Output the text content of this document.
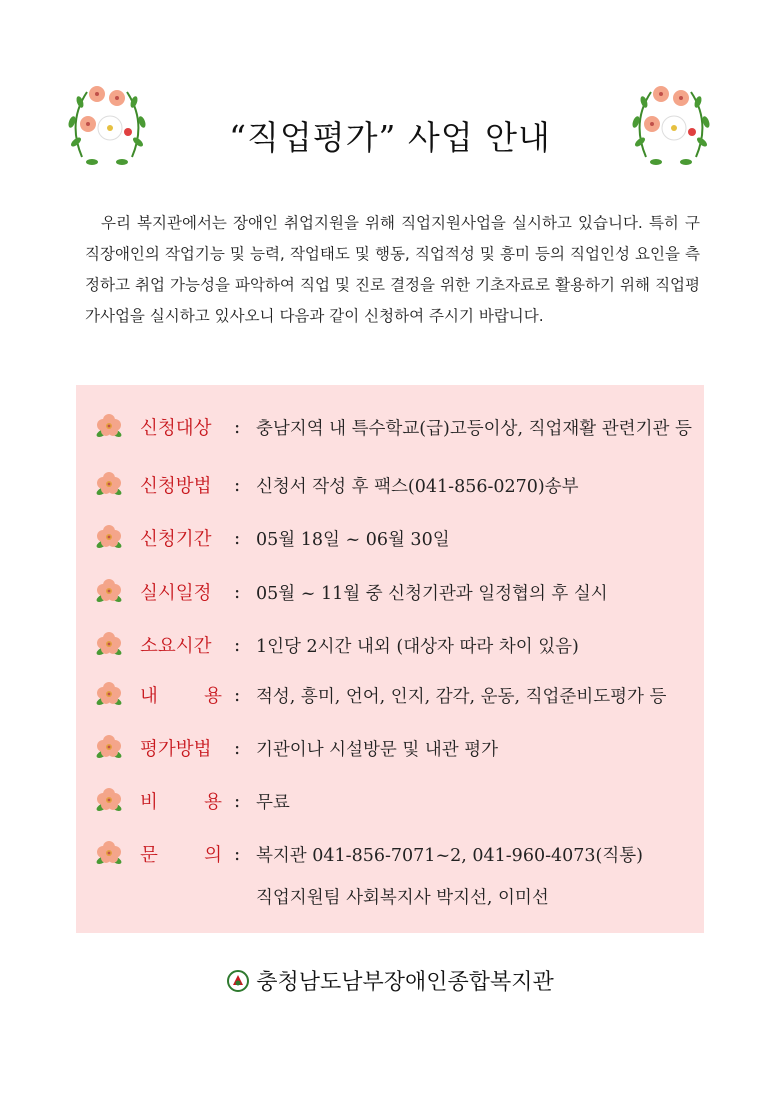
“직업평가” 사업 안내

우리 복지관에서는 장애인 취업지원을 위해 직업지원사업을 실시하고 있습니다. 특히 구직장애인의 작업기능 및 능력, 작업태도 및 행동, 직업적성 및 흥미 등의 직업인성 요인을 측정하고 취업 가능성을 파악하여 직업 및 진로 결정을 위한 기초자료로 활용하기 위해 직업평가사업을 실시하고 있사오니 다음과 같이 신청하여 주시기 바랍니다.

신청대상	: 충남지역 내 특수학교(급)고등이상, 직업재활 관련기관 등
신청방법	: 신청서 작성 후 팩스(041-856-0270)송부
신청기간	: 05월 18일 ~ 06월 30일
실시일정	: 05월 ~ 11월 중 신청기관과 일정협의 후 실시
소요시간	: 1인당 2시간 내외 (대상자 따라 차이 있음)
내	용 : 적성, 흥미, 언어, 인지, 감각, 운동, 직업준비도평가 등
평가방법	: 기관이나 시설방문 및 내관 평가
비	용 : 무료
문	의 : 복지관 041-856-7071~2, 041-960-4073(직통)
직업지원팀 사회복지사 박지선, 이미선
충청남도남부장애인종합복지관
